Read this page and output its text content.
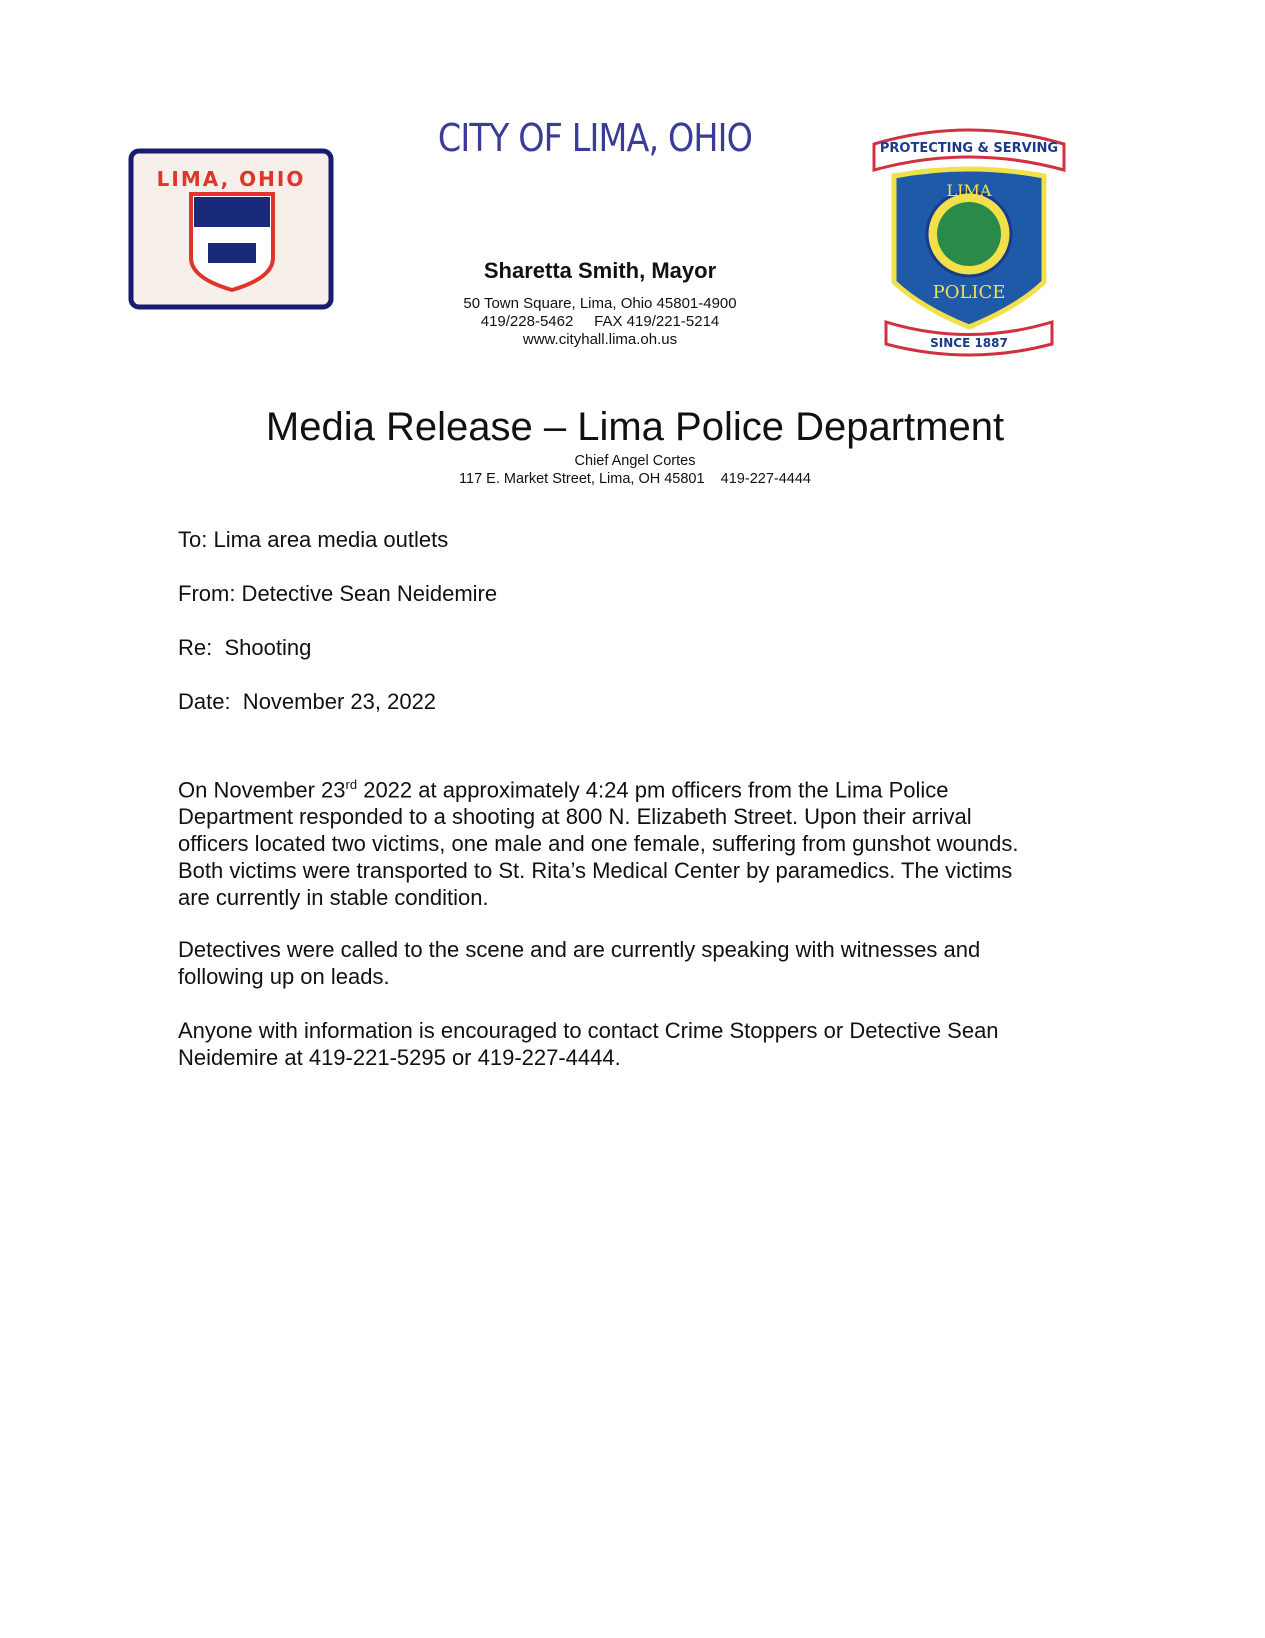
LIMA, OHIO
CITY OF LIMA, OHIO
LIMA
POLICE
PROTECTING & SERVING
SINCE 1887
Sharetta Smith, Mayor
50 Town Square, Lima, Ohio 45801-4900
419/228-5462     FAX 419/221-5214
www.cityhall.lima.oh.us
Media Release – Lima Police Department
Chief Angel Cortes
117 E. Market Street, Lima, OH 45801    419-227-4444
To: Lima area media outlets
From: Detective Sean Neidemire
Re:  Shooting
Date:  November 23, 2022

On November 23rd 2022 at approximately 4:24 pm officers from the Lima Police Department responded to a shooting at 800 N. Elizabeth Street. Upon their arrival officers located two victims, one male and one female, suffering from gunshot wounds. Both victims were transported to St. Rita’s Medical Center by paramedics. The victims are currently in stable condition.

Detectives were called to the scene and are currently speaking with witnesses and following up on leads.
Anyone with information is encouraged to contact Crime Stoppers or Detective Sean Neidemire at 419-221-5295 or 419-227-4444.
